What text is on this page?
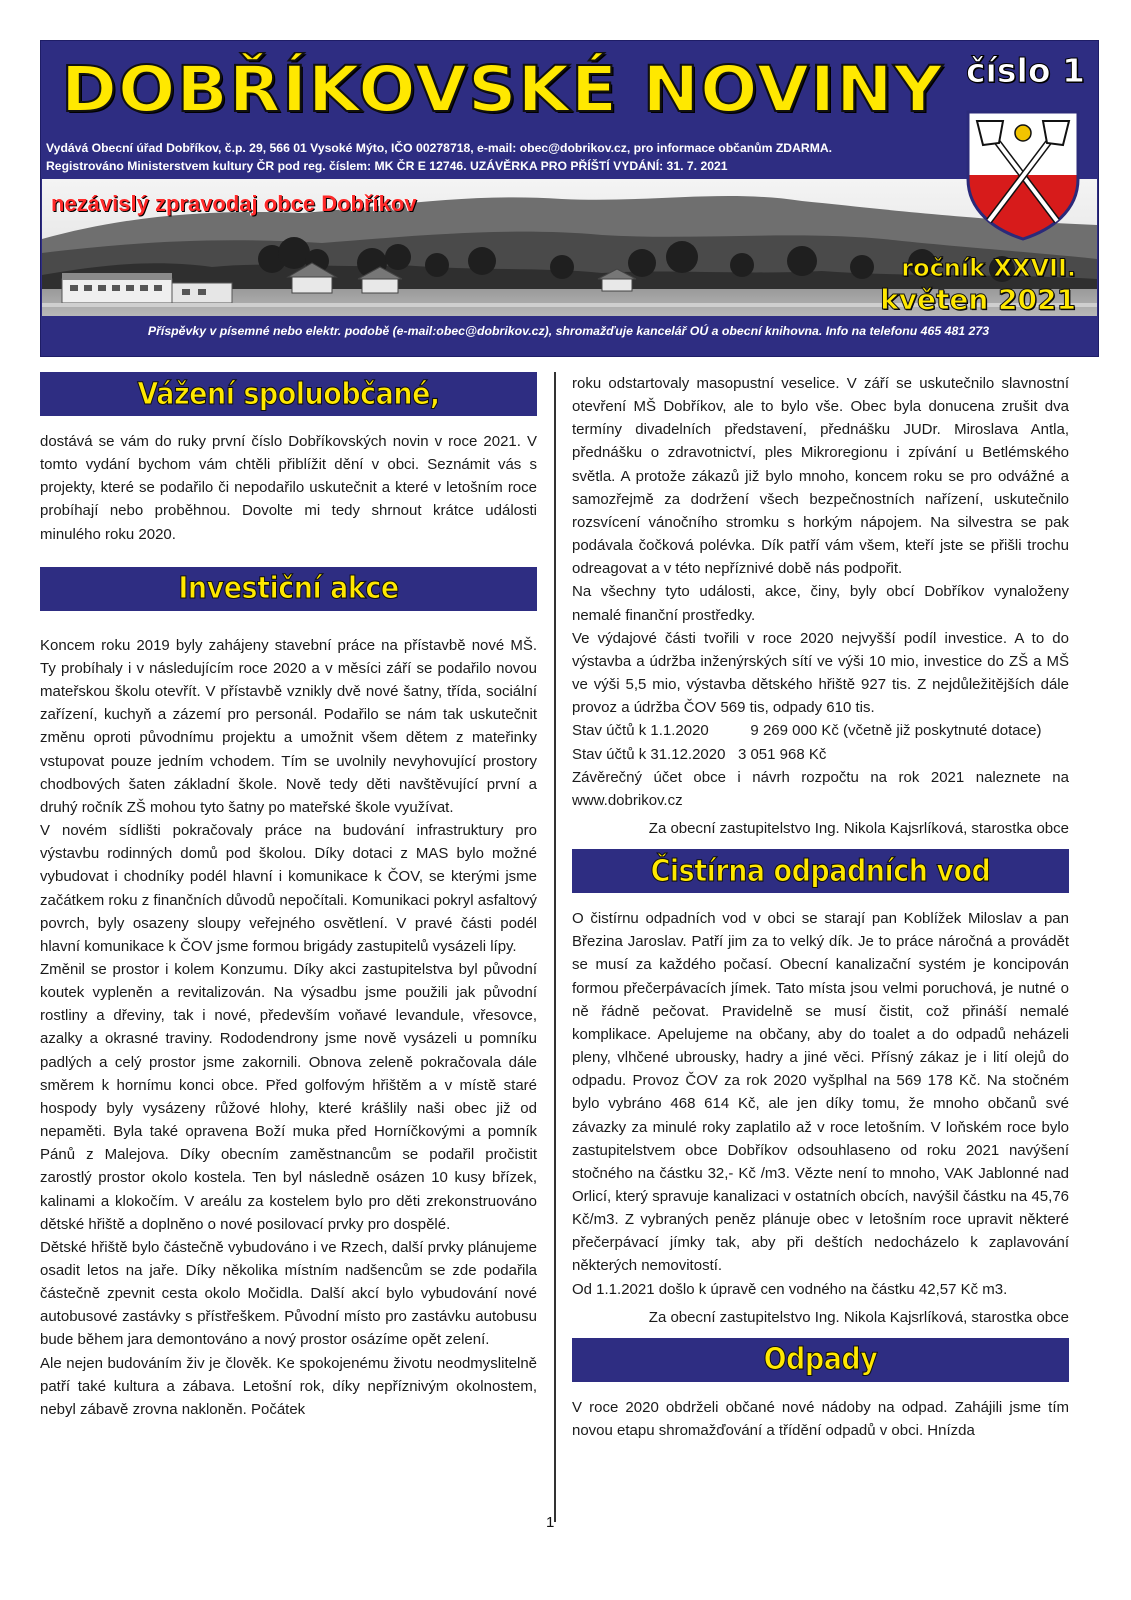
DOBŘÍKOVSKÉ NOVINY číslo 1
Vydává Obecní úřad Dobříkov, č.p. 29, 566 01 Vysoké Mýto, IČO 00278718, e-mail: obec@dobrikov.cz, pro informace občanům ZDARMA.
Registrováno Ministerstvem kultury ČR pod reg. číslem: MK ČR E 12746. UZÁVĚRKA PRO PŘÍŠTÍ VYDÁNÍ: 31. 7. 2021
nezávislý zpravodaj obce Dobříkov
ročník XXVII.
květen 2021
Příspěvky v písemné nebo elektr. podobě (e-mail:obec@dobrikov.cz), shromažďuje kancelář OÚ a obecní knihovna. Info na telefonu 465 481 273
Vážení spoluobčané,

dostává se vám do ruky první číslo Dobříkovských novin v roce 2021. V tomto vydání bychom vám chtěli přiblížit dění v obci. Seznámit vás s projekty, které se podařilo či nepodařilo uskutečnit a které v letošním roce probíhají nebo proběhnou. Dovolte mi tedy shrnout krátce události minulého roku 2020.

Investiční akce

Koncem roku 2019 byly zahájeny stavební práce na přístavbě nové MŠ. Ty probíhaly i v následujícím roce 2020 a v měsíci září se podařilo novou mateřskou školu otevřít. V přístavbě vznikly dvě nové šatny, třída, sociální zařízení, kuchyň a zázemí pro personál. Podařilo se nám tak uskutečnit změnu oproti původnímu projektu a umožnit všem dětem z mateřinky vstupovat pouze jedním vchodem. Tím se uvolnily nevyhovující prostory chodbových šaten základní škole. Nově tedy děti navštěvující první a druhý ročník ZŠ mohou tyto šatny po mateřské škole využívat.

V novém sídlišti pokračovaly práce na budování infrastruktury pro výstavbu rodinných domů pod školou. Díky dotaci z MAS bylo možné vybudovat i chodníky podél hlavní i komunikace k ČOV, se kterými jsme začátkem roku z finančních důvodů nepočítali. Komunikaci pokryl asfaltový povrch, byly osazeny sloupy veřejného osvětlení. V pravé části podél hlavní komunikace k ČOV jsme formou brigády zastupitelů vysázeli lípy.

Změnil se prostor i kolem Konzumu. Díky akci zastupitelstva byl původní koutek vypleněn a revitalizován. Na výsadbu jsme použili jak původní rostliny a dřeviny, tak i nové, především voňavé levandule, vřesovce, azalky a okrasné traviny. Rododendrony jsme nově vysázeli u pomníku padlých a celý prostor jsme zakornili. Obnova zeleně pokračovala dále směrem k hornímu konci obce. Před golfovým hřištěm a v místě staré hospody byly vysázeny růžové hlohy, které krášlily naši obec již od nepaměti. Byla také opravena Boží muka před Horníčkovými a pomník Pánů z Malejova. Díky obecním zaměstnancům se podařil pročistit zarostlý prostor okolo kostela. Ten byl následně osázen 10 kusy břízek, kalinami a klokočím. V areálu za kostelem bylo pro děti zrekonstruováno dětské hřiště a doplněno o nové posilovací prvky pro dospělé.

Dětské hřiště bylo částečně vybudováno i ve Rzech, další prvky plánujeme osadit letos na jaře. Díky několika místním nadšencům se zde podařila částečně zpevnit cesta okolo Močidla. Další akcí bylo vybudování nové autobusové zastávky s přístřeškem. Původní místo pro zastávku autobusu bude během jara demontováno a nový prostor osázíme opět zelení.

Ale nejen budováním živ je člověk. Ke spokojenému životu neodmyslitelně patří také kultura a zábava. Letošní rok, díky nepříznivým okolnostem, nebyl zábavě zrovna nakloněn. Počátek

roku odstartovaly masopustní veselice. V září se uskutečnilo slavnostní otevření MŠ Dobříkov, ale to bylo vše. Obec byla donucena zrušit dva termíny divadelních představení, přednášku JUDr. Miroslava Antla, přednášku o zdravotnictví, ples Mikroregionu i zpívání u Betlémského světla. A protože zákazů již bylo mnoho, koncem roku se pro odvážné a samozřejmě za dodržení všech bezpečnostních nařízení, uskutečnilo rozsvícení vánočního stromku s horkým nápojem. Na silvestra se pak podávala čočková polévka. Dík patří vám všem, kteří jste se přišli trochu odreagovat a v této nepříznivé době nás podpořit.

Na všechny tyto události, akce, činy, byly obcí Dobříkov vynaloženy nemalé finanční prostředky.

Ve výdajové části tvořili v roce 2020 nejvyšší podíl investice. A to do výstavba a údržba inženýrských sítí ve výši 10 mio, investice do ZŠ a MŠ ve výši 5,5 mio, výstavba dětského hřiště 927 tis. Z nejdůležitějších dále provoz a údržba ČOV 569 tis, odpady 610 tis.

Stav účtů k 1.1.2020          9 269 000 Kč (včetně již poskytnuté dotace)

Stav účtů k 31.12.2020   3 051 968 Kč

Závěrečný účet obce i návrh rozpočtu na rok 2021 naleznete na www.dobrikov.cz

Za obecní zastupitelstvo Ing. Nikola Kajsrlíková, starostka obce

Čistírna odpadních vod

O čistírnu odpadních vod v obci se starají pan Koblížek Miloslav a pan Březina Jaroslav. Patří jim za to velký dík. Je to práce náročná a provádět se musí za každého počasí. Obecní kanalizační systém je koncipován formou přečerpávacích jímek. Tato místa jsou velmi poruchová, je nutné o ně řádně pečovat. Pravidelně se musí čistit, což přináší nemalé komplikace. Apelujeme na občany, aby do toalet a do odpadů neházeli pleny, vlhčené ubrousky, hadry a jiné věci. Přísný zákaz je i lití olejů do odpadu. Provoz ČOV za rok 2020 vyšplhal na 569 178 Kč. Na stočném bylo vybráno 468 614 Kč, ale jen díky tomu, že mnoho občanů své závazky za minulé roky zaplatilo až v roce letošním. V loňském roce bylo zastupitelstvem obce Dobříkov odsouhlaseno od roku 2021 navýšení stočného na částku 32,- Kč /m3. Vězte není to mnoho, VAK Jablonné nad Orlicí, který spravuje kanalizaci v ostatních obcích, navýšil částku na 45,76 Kč/m3. Z vybraných peněz plánuje obec v letošním roce upravit některé přečerpávací jímky tak, aby při deštích nedocházelo k zaplavování některých nemovitostí.

Od 1.1.2021 došlo k úpravě cen vodného na částku 42,57 Kč m3.

Za obecní zastupitelstvo Ing. Nikola Kajsrlíková, starostka obce

Odpady

V roce 2020 obdrželi občané nové nádoby na odpad. Zahájili jsme tím novou etapu shromažďování a třídění odpadů v obci. Hnízda

1
